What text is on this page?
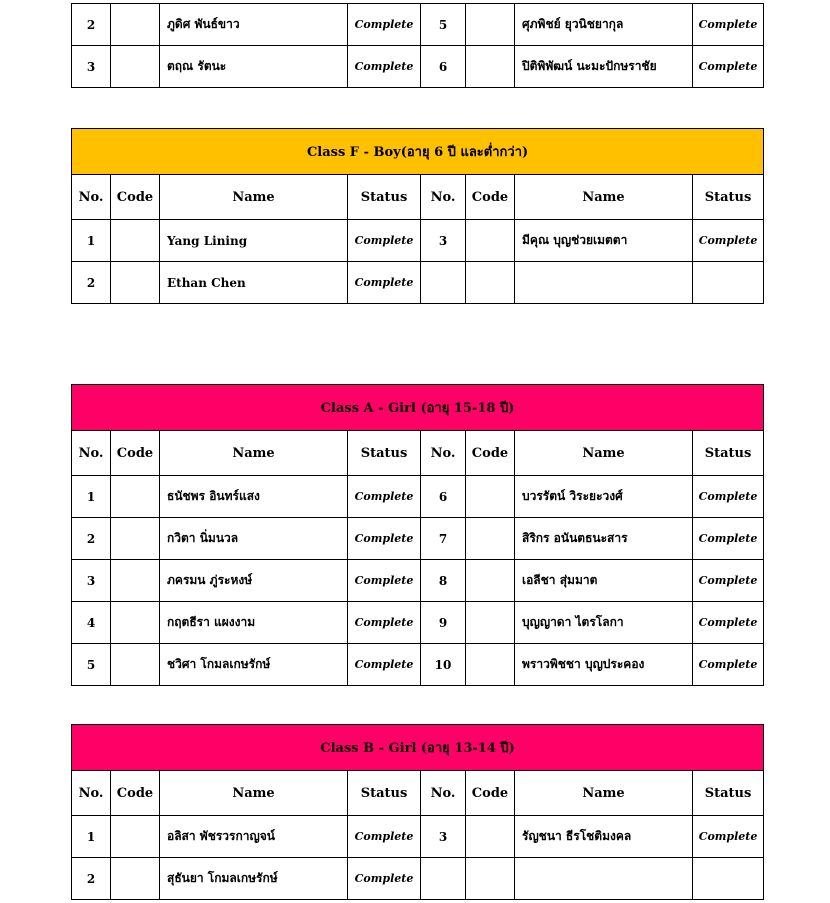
2		ภูดิศ พันธ์ขาว	Complete	5		ศุภพิชย์ ยุวนิชยากุล	Complete
3		ตฤณ รัตนะ	Complete	6		ปิติพิพัฒน์ นะมะปักษราชัย	Complete
Class F - Boy(อายุ 6 ปี และต่ำกว่า)							
No.	Code	Name	Status	No.	Code	Name	Status
1		Yang Lining	Complete	3		มีคุณ บุญช่วยเมตตา	Complete
2		Ethan Chen	Complete				
Class A - Girl (อายุ 15-18 ปี)							
No.	Code	Name	Status	No.	Code	Name	Status
1		ธนัชพร อินทร์แสง	Complete	6		บวรรัตน์ วิระยะวงศ์	Complete
2		กวิตา นิ่มนวล	Complete	7		สิริกร อนันตธนะสาร	Complete
3		ภครมน ภู่ระหงษ์	Complete	8		เอลีชา สุ่มมาต	Complete
4		กฤตธีรา แผงงาม	Complete	9		บุญญาดา ไตรโลกา	Complete
5		ชวิศา โกมลเกษรักษ์	Complete	10		พราวพิชชา บุญประคอง	Complete
Class B - Girl (อายุ 13-14 ปี)							
No.	Code	Name	Status	No.	Code	Name	Status
1		อลิสา พัชรวรกาญจน์	Complete	3		รัญชนา ธีรโชติมงคล	Complete
2		สุธันยา โกมลเกษรักษ์	Complete				
